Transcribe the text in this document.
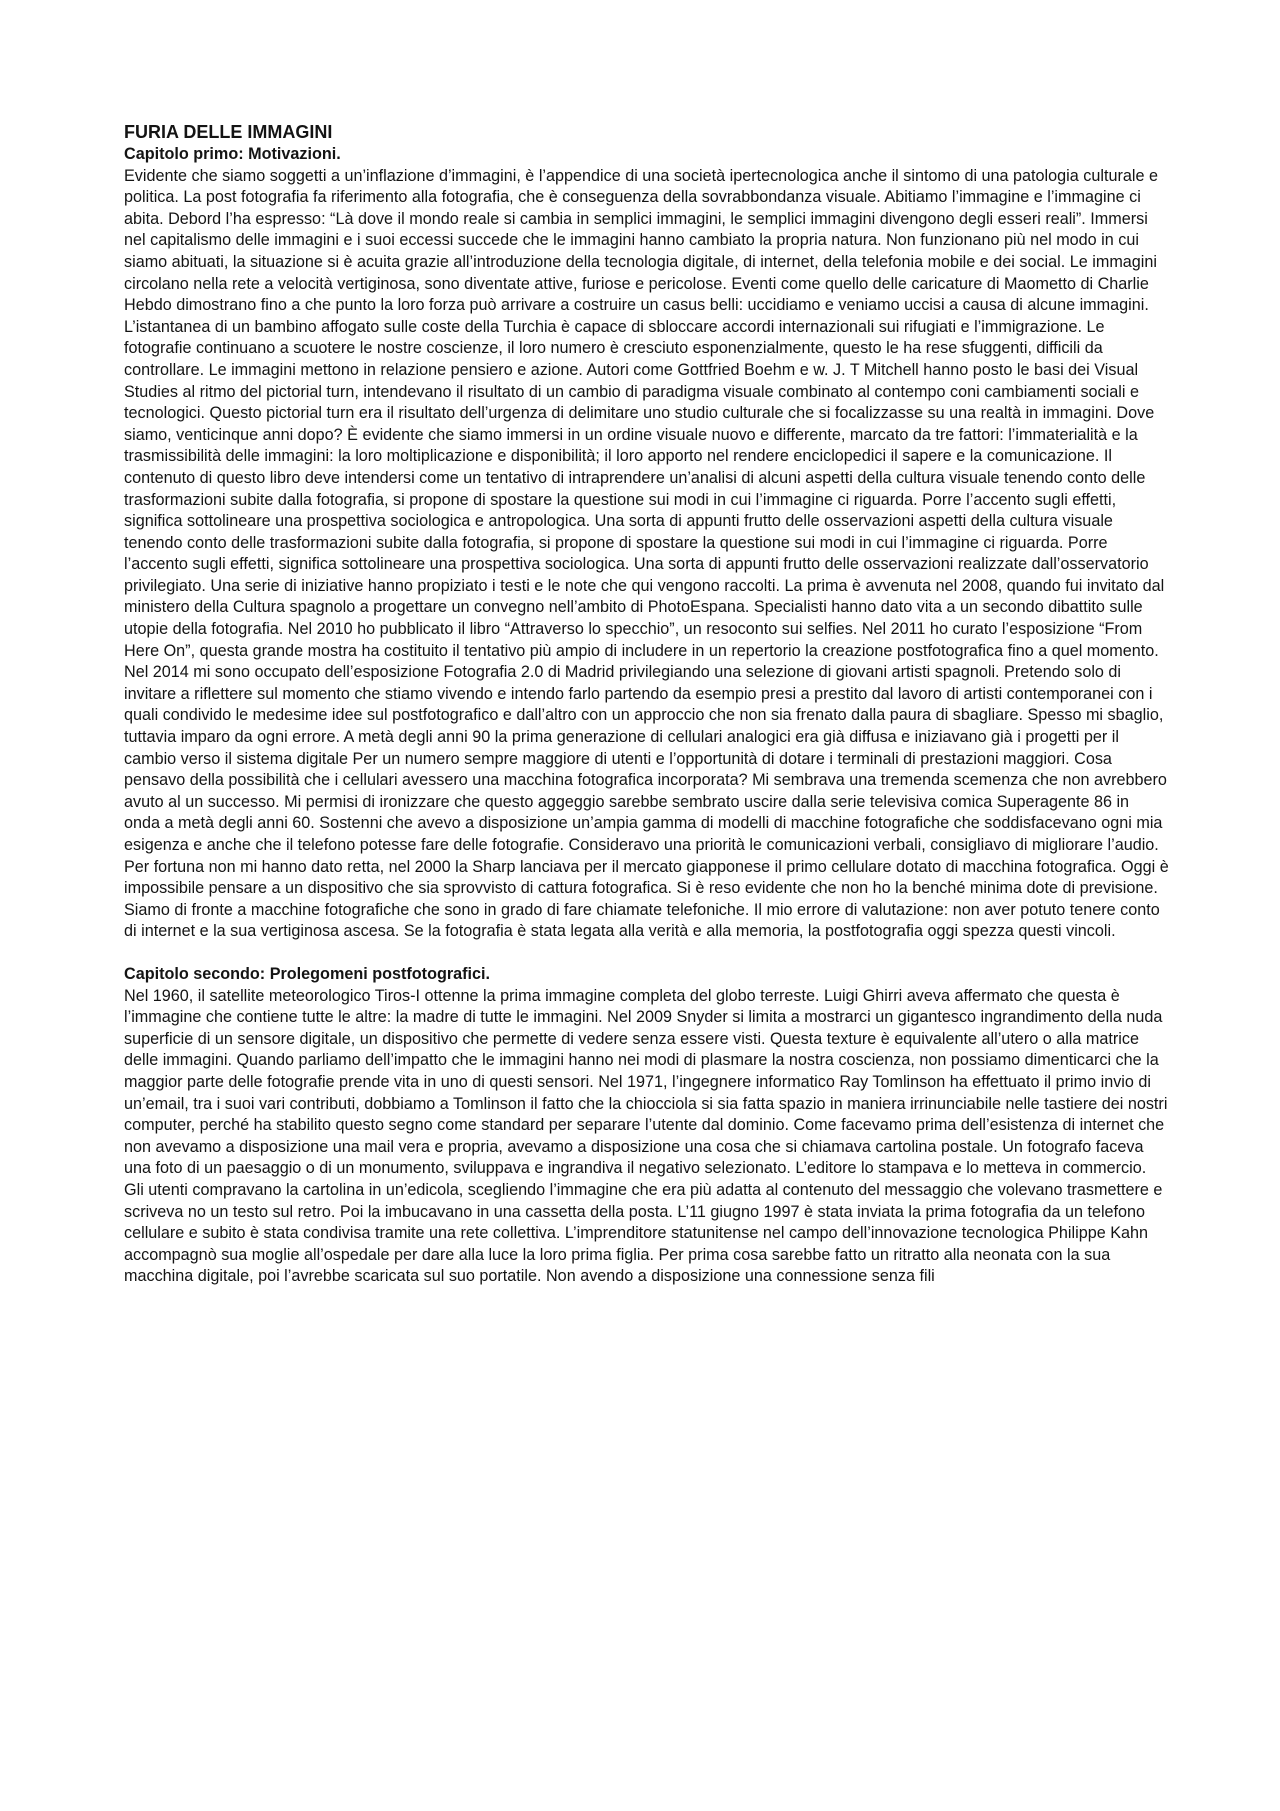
FURIA DELLE IMMAGINI

Capitolo primo: Motivazioni.

Evidente che siamo soggetti a un’inflazione d’immagini, è l’appendice di una società ipertecnologica anche il sintomo di una patologia culturale e politica. La post fotografia fa riferimento alla fotografia, che è conseguenza della sovrabbondanza visuale. Abitiamo l’immagine e l’immagine ci abita. Debord l’ha espresso: “Là dove il mondo reale si cambia in semplici immagini, le semplici immagini divengono degli esseri reali”. Immersi nel capitalismo delle immagini e i suoi eccessi succede che le immagini hanno cambiato la propria natura. Non funzionano più nel modo in cui siamo abituati, la situazione si è acuita grazie all’introduzione della tecnologia digitale, di internet, della telefonia mobile e dei social. Le immagini circolano nella rete a velocità vertiginosa, sono diventate attive, furiose e pericolose. Eventi come quello delle caricature di Maometto di Charlie Hebdo dimostrano fino a che punto la loro forza può arrivare a costruire un casus belli: uccidiamo e veniamo uccisi a causa di alcune immagini. L’istantanea di un bambino affogato sulle coste della Turchia è capace di sbloccare accordi internazionali sui rifugiati e l’immigrazione. Le fotografie continuano a scuotere le nostre coscienze, il loro numero è cresciuto esponenzialmente, questo le ha rese sfuggenti, difficili da controllare. Le immagini mettono in relazione pensiero e azione. Autori come Gottfried Boehm e w. J. T Mitchell hanno posto le basi dei Visual Studies al ritmo del pictorial turn, intendevano il risultato di un cambio di paradigma visuale combinato al contempo coni cambiamenti sociali e tecnologici. Questo pictorial turn era il risultato dell’urgenza di delimitare uno studio culturale che si focalizzasse su una realtà in immagini. Dove siamo, venticinque anni dopo? È evidente che siamo immersi in un ordine visuale nuovo e differente, marcato da tre fattori: l’immaterialità e la trasmissibilità delle immagini: la loro moltiplicazione e disponibilità; il loro apporto nel rendere enciclopedici il sapere e la comunicazione. Il contenuto di questo libro deve intendersi come un tentativo di intraprendere un’analisi di alcuni aspetti della cultura visuale tenendo conto delle trasformazioni subite dalla fotografia, si propone di spostare la questione sui modi in cui l’immagine ci riguarda. Porre l’accento sugli effetti, significa sottolineare una prospettiva sociologica e antropologica. Una sorta di appunti frutto delle osservazioni aspetti della cultura visuale tenendo conto delle trasformazioni subite dalla fotografia, si propone di spostare la questione sui modi in cui l’immagine ci riguarda. Porre l’accento sugli effetti, significa sottolineare una prospettiva sociologica. Una sorta di appunti frutto delle osservazioni realizzate dall’osservatorio privilegiato. Una serie di iniziative hanno propiziato i testi e le note che qui vengono raccolti. La prima è avvenuta nel 2008, quando fui invitato dal ministero della Cultura spagnolo a progettare un convegno nell’ambito di PhotoEspana. Specialisti hanno dato vita a un secondo dibattito sulle utopie della fotografia. Nel 2010 ho pubblicato il libro “Attraverso lo specchio”, un resoconto sui selfies. Nel 2011 ho curato l’esposizione “From Here On”, questa grande mostra ha costituito il tentativo più ampio di includere in un repertorio la creazione postfotografica fino a quel momento. Nel 2014 mi sono occupato dell’esposizione Fotografia 2.0 di Madrid privilegiando una selezione di giovani artisti spagnoli. Pretendo solo di invitare a riflettere sul momento che stiamo vivendo e intendo farlo partendo da esempio presi a prestito dal lavoro di artisti contemporanei con i quali condivido le medesime idee sul postfotografico e dall’altro con un approccio che non sia frenato dalla paura di sbagliare. Spesso mi sbaglio, tuttavia imparo da ogni errore. A metà degli anni 90 la prima generazione di cellulari analogici era già diffusa e iniziavano già i progetti per il cambio verso il sistema digitale Per un numero sempre maggiore di utenti e l’opportunità di dotare i terminali di prestazioni maggiori. Cosa pensavo della possibilità che i cellulari avessero una macchina fotografica incorporata? Mi sembrava una tremenda scemenza che non avrebbero avuto al un successo. Mi permisi di ironizzare che questo aggeggio sarebbe sembrato uscire dalla serie televisiva comica Superagente 86 in onda a metà degli anni 60. Sostenni che avevo a disposizione un’ampia gamma di modelli di macchine fotografiche che soddisfacevano ogni mia esigenza e anche che il telefono potesse fare delle fotografie. Consideravo una priorità le comunicazioni verbali, consigliavo di migliorare l’audio. Per fortuna non mi hanno dato retta, nel 2000 la Sharp lanciava per il mercato giapponese il primo cellulare dotato di macchina fotografica. Oggi è impossibile pensare a un dispositivo che sia sprovvisto di cattura fotografica. Si è reso evidente che non ho la benché minima dote di previsione. Siamo di fronte a macchine fotografiche che sono in grado di fare chiamate telefoniche. Il mio errore di valutazione: non aver potuto tenere conto di internet e la sua vertiginosa ascesa. Se la fotografia è stata legata alla verità e alla memoria, la postfotografia oggi spezza questi vincoli.

Capitolo secondo: Prolegomeni postfotografici.

Nel 1960, il satellite meteorologico Tiros-I ottenne la prima immagine completa del globo terreste. Luigi Ghirri aveva affermato che questa è l’immagine che contiene tutte le altre: la madre di tutte le immagini. Nel 2009 Snyder si limita a mostrarci un gigantesco ingrandimento della nuda superficie di un sensore digitale, un dispositivo che permette di vedere senza essere visti. Questa texture è equivalente all’utero o alla matrice delle immagini. Quando parliamo dell’impatto che le immagini hanno nei modi di plasmare la nostra coscienza, non possiamo dimenticarci che la maggior parte delle fotografie prende vita in uno di questi sensori. Nel 1971, l’ingegnere informatico Ray Tomlinson ha effettuato il primo invio di un’email, tra i suoi vari contributi, dobbiamo a Tomlinson il fatto che la chiocciola si sia fatta spazio in maniera irrinunciabile nelle tastiere dei nostri computer, perché ha stabilito questo segno come standard per separare l’utente dal dominio. Come facevamo prima dell’esistenza di internet che non avevamo a disposizione una mail vera e propria, avevamo a disposizione una cosa che si chiamava cartolina postale. Un fotografo faceva una foto di un paesaggio o di un monumento, sviluppava e ingrandiva il negativo selezionato. L’editore lo stampava e lo metteva in commercio. Gli utenti compravano la cartolina in un’edicola, scegliendo l’immagine che era più adatta al contenuto del messaggio che volevano trasmettere e scriveva no un testo sul retro. Poi la imbucavano in una cassetta della posta. L’11 giugno 1997 è stata inviata la prima fotografia da un telefono cellulare e subito è stata condivisa tramite una rete collettiva. L’imprenditore statunitense nel campo dell’innovazione tecnologica Philippe Kahn accompagnò sua moglie all’ospedale per dare alla luce la loro prima figlia. Per prima cosa sarebbe fatto un ritratto alla neonata con la sua macchina digitale, poi l’avrebbe scaricata sul suo portatile. Non avendo a disposizione una connessione senza fili
